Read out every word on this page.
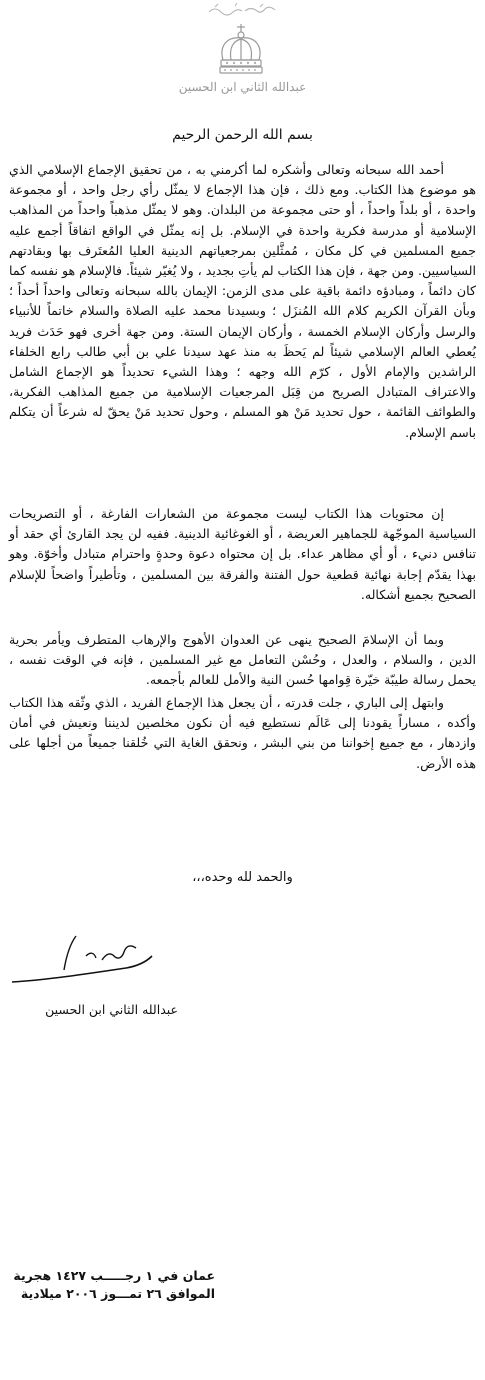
عبدالله الثاني ابن الحسين
بسم الله الرحمن الرحيم

أحمد الله سبحانه وتعالى وأشكره لما أكرمني به ، من تحقيق الإجماع الإسلامي الذي هو موضوع هذا الكتاب. ومع ذلك ، فإن هذا الإجماع لا يمثّل رأي رجل واحد ، أو مجموعة واحدة ، أو بلداً واحداً ، أو حتى مجموعة من البلدان. وهو لا يمثّل مذهباً واحداً من المذاهب الإسلامية أو مدرسة فكرية واحدة في الإسلام. بل إنه يمثّل في الواقع اتفاقاً أجمع عليه جميع المسلمين في كل مكان ، مُمثَّلين بمرجعياتهم الدينية العليا المُعتَرف بها وبقادتهم السياسيين. ومن جهة ، فإن هذا الكتاب لم يأتِ بجديد ، ولا يُغيّر شيئاً. فالإسلام هو نفسه كما كان دائماً ، ومبادؤه دائمة باقية على مدى الزمن: الإيمان بالله سبحانه وتعالى واحداً أحداً ؛ وبأن القرآن الكريم كلام الله المُنزَل ؛ وبسيدنا محمد عليه الصلاة والسلام خاتماً للأنبياء والرسل وأركان الإسلام الخمسة ، وأركان الإيمان الستة. ومن جهة أخرى فهو حَدَث فريد يُعطي العالم الإسلامي شيئاً لم يَحظَ به منذ عهد سيدنا علي بن أبي طالب رابع الخلفاء الراشدين والإمام الأول ، كرّم الله وجهه ؛ وهذا الشيء تحديداً هو الإجماع الشامل والاعتراف المتبادل الصريح من قِبَل المرجعيات الإسلامية من جميع المذاهب الفكرية، والطوائف القائمة ، حول تحديد مَنْ هو المسلم ، وحول تحديد مَنْ يحقّ له شرعاً أن يتكلم باسم الإسلام.

إن محتويات هذا الكتاب ليست مجموعة من الشعارات الفارغة ، أو التصريحات السياسية الموجّهة للجماهير العريضة ، أو الغوغائية الدينية. ففيه لن يجد القارئ أي حقد أو تنافس دنيء ، أو أي مظاهر عداء. بل إن محتواه دعوة وحدةٍ واحترام متبادل وأخوّة. وهو بهذا يقدّم إجابة نهائية قطعية حول الفتنة والفرقة بين المسلمين ، وتأطيراً واضحاً للإسلام الصحيح بجميع أشكاله.

وبما أن الإسلامَ الصحيح ينهى عن العدوان الأهوج والإرهاب المتطرف ويأمر بحرية الدين ، والسلام ، والعدل ، وحُسْن التعامل مع غير المسلمين ، فإنه في الوقت نفسه ، يحمل رسالة طيبّة خيّرة قِوامها حُسن النية والأمل للعالم بأجمعه.

وابتهل إلى الباري ، جلت قدرته ، أن يجعل هذا الإجماع الفريد ، الذي وثّقه هذا الكتاب وأكده ، مساراً يقودنا إلى عَالَم نستطيع فيه أن نكون مخلصين لديننا ونعيش في أمان وازدهار ، مع جميع إخواننا من بني البشر ، ونحقق الغاية التي خُلقنا جميعاً من أجلها على هذه الأرض.

والحمد لله وحده،،،
عبدالله الثاني ابن الحسين
عمان في ١ رجـــــب ١٤٢٧ هجرية
الموافق ٢٦ تمـــوز ٢٠٠٦ ميلادية
